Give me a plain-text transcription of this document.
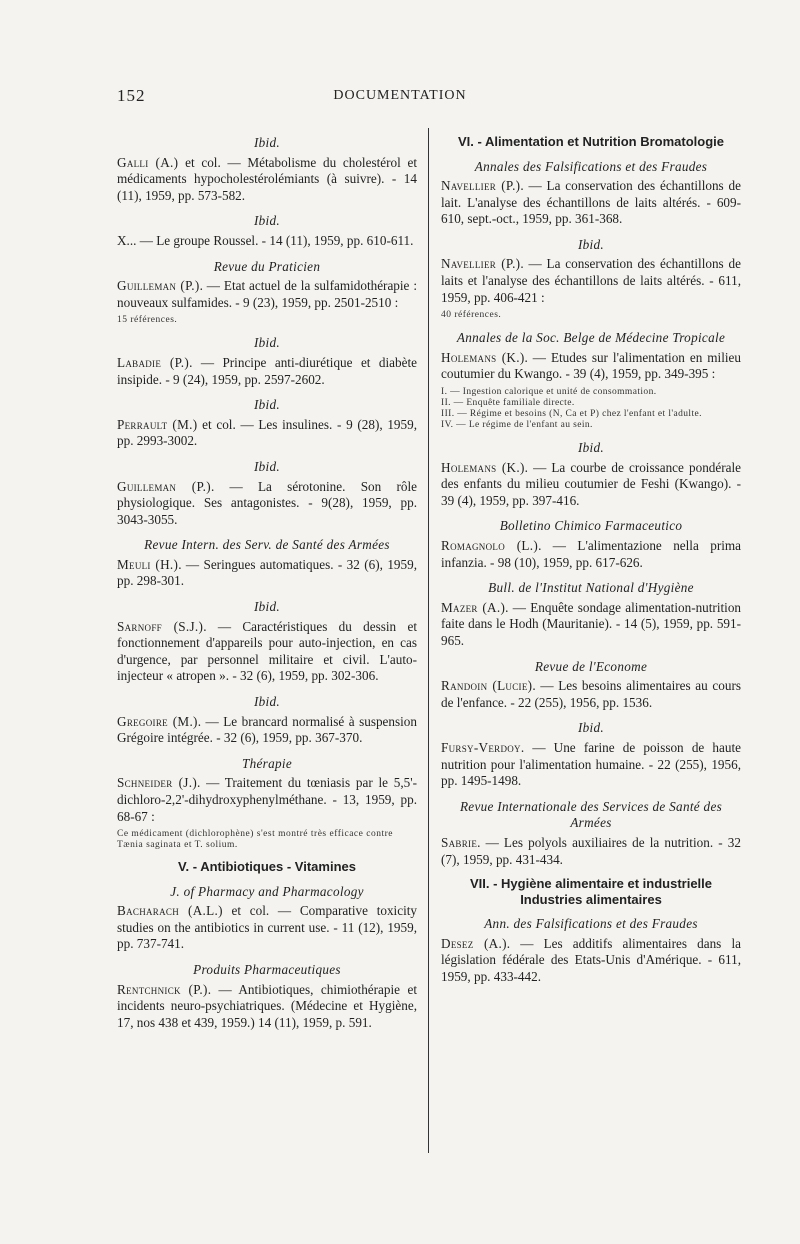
152	DOCUMENTATION
Ibid.
Galli (A.) et col. — Métabolisme du cholestérol et médicaments hypocholestérolémiants (à suivre). - 14 (11), 1959, pp. 573-582.
Ibid.
X... — Le groupe Roussel. - 14 (11), 1959, pp. 610-611.
Revue du Praticien
Guilleman (P.). — Etat actuel de la sulfamidothérapie : nouveaux sulfamides. - 9 (23), 1959, pp. 2501-2510 :
15 références.
Ibid.
Labadie (P.). — Principe anti-diurétique et diabète insipide. - 9 (24), 1959, pp. 2597-2602.
Ibid.
Perrault (M.) et col. — Les insulines. - 9 (28), 1959, pp. 2993-3002.
Ibid.
Guilleman (P.). — La sérotonine. Son rôle physiologique. Ses antagonistes. - 9(28), 1959, pp. 3043-3055.
Revue Intern. des Serv. de Santé des Armées
Meuli (H.). — Seringues automatiques. - 32 (6), 1959, pp. 298-301.
Ibid.
Sarnoff (S.J.). — Caractéristiques du dessin et fonctionnement d'appareils pour auto-injection, en cas d'urgence, par personnel militaire et civil. L'auto-injecteur « atropen ». - 32 (6), 1959, pp. 302-306.
Ibid.
Gregoire (M.). — Le brancard normalisé à suspension Grégoire intégrée. - 32 (6), 1959, pp. 367-370.
Thérapie
Schneider (J.). — Traitement du tœniasis par le 5,5'-dichloro-2,2'-dihydroxyphenylméthane. - 13, 1959, pp. 68-67 :
Ce médicament (dichlorophène) s'est montré très efficace contre Tænia saginata et T. solium.
V. - Antibiotiques - Vitamines
J. of Pharmacy and Pharmacology
Bacharach (A.L.) et col. — Comparative toxicity studies on the antibiotics in current use. - 11 (12), 1959, pp. 737-741.
Produits Pharmaceutiques
Rentchnick (P.). — Antibiotiques, chimiothérapie et incidents neuro-psychiatriques. (Médecine et Hygiène, 17, nos 438 et 439, 1959.) 14 (11), 1959, p. 591.
VI. - Alimentation et Nutrition Bromatologie
Annales des Falsifications et des Fraudes
Navellier (P.). — La conservation des échantillons de lait. L'analyse des échantillons de laits altérés. - 609-610, sept.-oct., 1959, pp. 361-368.
Ibid.
Navellier (P.). — La conservation des échantillons de laits et l'analyse des échantillons de laits altérés. - 611, 1959, pp. 406-421 :
40 références.
Annales de la Soc. Belge de Médecine Tropicale
Holemans (K.). — Etudes sur l'alimentation en milieu coutumier du Kwango. - 39 (4), 1959, pp. 349-395 :
I. — Ingestion calorique et unité de consommation.
II. — Enquête familiale directe.
III. — Régime et besoins (N, Ca et P) chez l'enfant et l'adulte.
IV. — Le régime de l'enfant au sein.
Ibid.
Holemans (K.). — La courbe de croissance pondérale des enfants du milieu coutumier de Feshi (Kwango). - 39 (4), 1959, pp. 397-416.
Bolletino Chimico Farmaceutico
Romagnolo (L.). — L'alimentazione nella prima infanzia. - 98 (10), 1959, pp. 617-626.
Bull. de l'Institut National d'Hygiène
Mazer (A.). — Enquête sondage alimentation-nutrition faite dans le Hodh (Mauritanie). - 14 (5), 1959, pp. 591-965.
Revue de l'Econome
Randoin (Lucie). — Les besoins alimentaires au cours de l'enfance. - 22 (255), 1956, pp. 1536.
Ibid.
Fursy-Verdoy. — Une farine de poisson de haute nutrition pour l'alimentation humaine. - 22 (255), 1956, pp. 1495-1498.
Revue Internationale des Services de Santé des Armées
Sabrie. — Les polyols auxiliaires de la nutrition. - 32 (7), 1959, pp. 431-434.
VII. - Hygiène alimentaire et industrielle Industries alimentaires
Ann. des Falsifications et des Fraudes
Desez (A.). — Les additifs alimentaires dans la législation fédérale des Etats-Unis d'Amérique. - 611, 1959, pp. 433-442.
